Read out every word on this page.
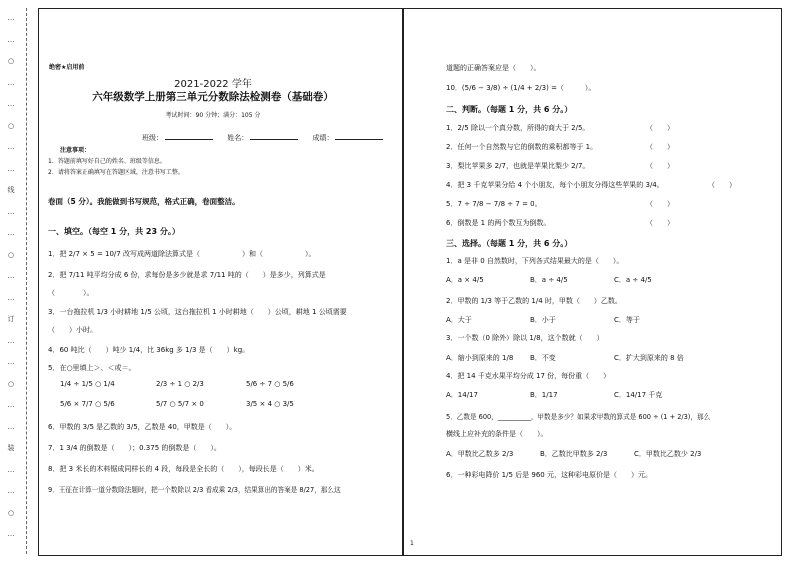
…
…
○
…
…
○
…
…
线
…
…
○
…
…
订
…
…
○
…
…
装
…
…
○
…
绝密★启用前
2021-2022 学年
六年级数学上册第三单元分数除法检测卷（基础卷）
考试时间：90 分钟；满分：105 分
班级：	姓名：	成绩：
注意事项：
1．答题前填写好自己的姓名、班级等信息。
2．请将答案正确填写在答题区域，注意书写工整。
卷面（5 分）。我能做到书写规范，格式正确，卷面整洁。
一、填空。（每空 1 分，共 23 分。）
1．把 2/7 × 5 = 10/7 改写成两道除法算式是（　　　　　　）和（　　　　　　）。
2．把 7/11 吨平均分成 6 份，求每份是多少就是求 7/11 吨的（　　）是多少，列算式是
（　　　　）。
3．一台拖拉机 1/3 小时耕地 1/5 公顷，这台拖拉机 1 小时耕地（　　）公顷，耕地 1 公顷需要
（　　）小时。
4．60 吨比（　　）吨少 1/4，比 36kg 多 1/3 是（　　）kg。
5．在○里填上＞、＜或＝。
1/4 ÷ 1/5 ○ 1/4	2/3 ÷ 1 ○ 2/3	5/6 ÷ 7 ○ 5/6
5/6 × 7/7 ○ 5/6	5/7 ○ 5/7 × 0	3/5 × 4 ○ 3/5
6．甲数的 3/5 是乙数的 3/5，乙数是 40，甲数是（　　）。
7．1 3/4 的倒数是（　　）；0.375 的倒数是（　　）。
8．把 3 米长的木料锯成同样长的 4 段，每段是全长的（　　），每段长是（　　）米。
9．王征在计算一道分数除法题时，把一个数除以 2/3 看成乘 2/3，结果算出的答案是 8/27，那么这
道题的正确答案应是（　　）。
10．(5/6 − 3/8) ÷ (1/4 + 2/3) =（　　　）。
二、判断。（每题 1 分，共 6 分。）
1．2/5 除以一个真分数，所得的商大于 2/5。	（　　）
2．任何一个自然数与它的倒数的乘积都等于 1。	（　　）
3．梨比苹果多 2/7，也就是苹果比梨少 2/7。	（　　）
4．把 3 千克苹果分给 4 个小朋友，每个小朋友分得这些苹果的 3/4。	（　　）
5．7 ÷ 7/8 − 7/8 ÷ 7 = 0。	（　　）
6．倒数是 1 的两个数互为倒数。	（　　）
三、选择。（每题 1 分，共 6 分。）
1．a 是非 0 自然数时，下列各式结果最大的是（　　）。
A．a × 4/5	B．a ÷ 4/5	C．a ÷ 4/5
2．甲数的 1/3 等于乙数的 1/4 时，甲数（　　）乙数。
A．大于	B．小于	C．等于
3．一个数（0 除外）除以 1/8，这个数就（　　）
A．缩小到原来的 1/8 B．不变	C．扩大到原来的 8 倍
4．把 14 千克水果平均分成 17 份，每份重（　　）
A．14/17	B．1/17	C．14/17 千克
5．乙数是 600，__________，甲数是多少？如果求甲数的算式是 600 ÷ (1 + 2/3)，那么
横线上应补充的条件是（　　）。
A．甲数比乙数多 2/3	B．乙数比甲数多 2/3	C．甲数比乙数少 2/3
6．一种彩电降价 1/5 后是 960 元，这种彩电原价是（　　）元。
1
